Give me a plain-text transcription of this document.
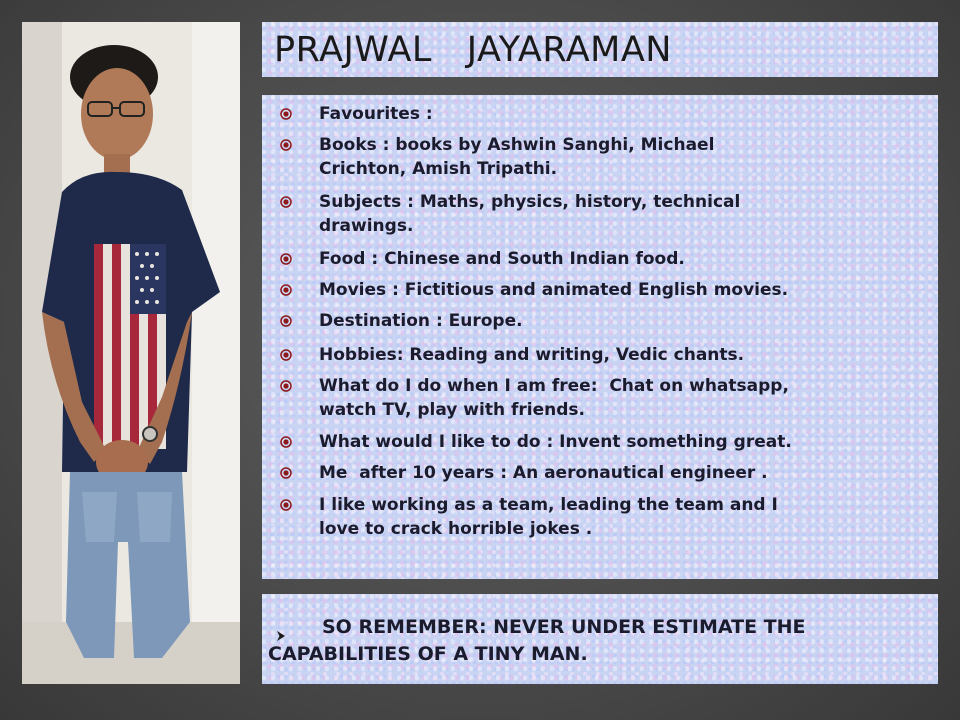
PRAJWAL   JAYARAMAN

Favourites :

Books : books by Ashwin Sanghi, Michael
Crichton, Amish Tripathi.

Subjects : Maths, physics, history, technical
drawings.

Food : Chinese and South Indian food.

Movies : Fictitious and animated English movies.

Destination : Europe.

Hobbies: Reading and writing, Vedic chants.

What do I do when I am free:  Chat on whatsapp,
watch TV, play with friends.

What would I like to do : Invent something great.

Me  after 10 years : An aeronautical engineer .

I like working as a team, leading the team and I
love to crack horrible jokes .

SO REMEMBER: NEVER UNDER ESTIMATE THE CAPABILITIES OF A TINY MAN.
